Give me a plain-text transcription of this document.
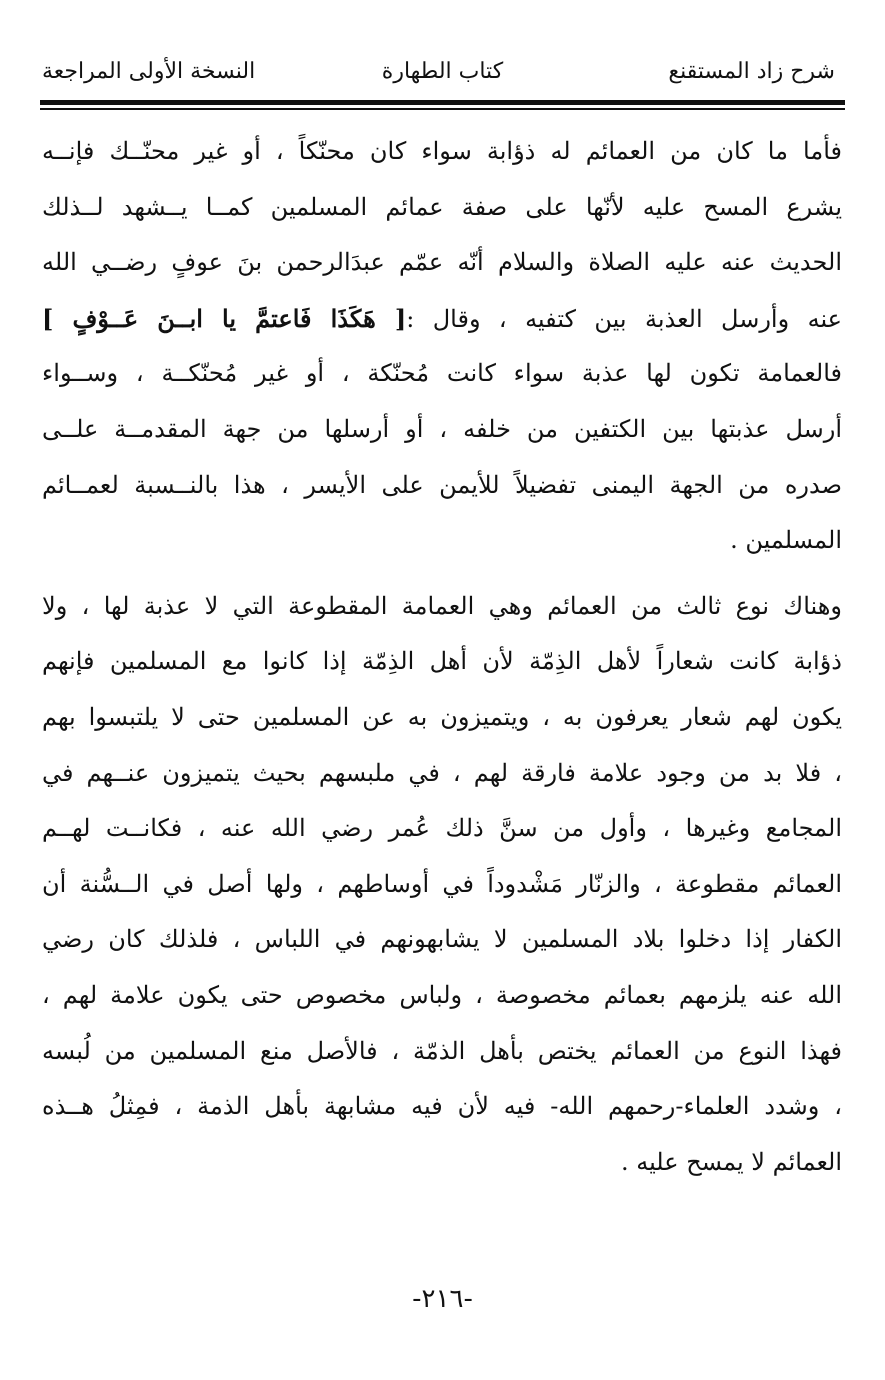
شرح زاد المستقنع
كتاب الطهارة
النسخة الأولى المراجعة
فأما ما كان من العمائم له ذؤابة سواء كان محنّكاً ، أو غير محنّــك فإنــه
يشرع المسح عليه لأنّها على صفة عمائم المسلمين كمــا يــشهد لــذلك
الحديث عنه عليه الصلاة والسلام أنّه عمّم عبدَالرحمن بنَ عوفٍ رضــي الله
عنه وأرسل العذبة بين كتفيه ، وقال :[ هَكَذَا فَاعتمَّ يا ابــنَ عَــوْفٍ ]
فالعمامة تكون لها عذبة سواء كانت مُحنّكة ، أو غير مُحنّكــة ، وســواء
أرسل عذبتها بين الكتفين من خلفه ، أو أرسلها من جهة المقدمــة علــى
صدره من الجهة اليمنى تفضيلاً للأيمن على الأيسر ، هذا بالنــسبة لعمــائم
المسلمين .
وهناك نوع ثالث من العمائم وهي العمامة المقطوعة التي لا عذبة لها ، ولا
ذؤابة كانت شعاراً لأهل الذِمّة لأن أهل الذِمّة إذا كانوا مع المسلمين فإنهم
يكون لهم شعار يعرفون به ، ويتميزون به عن المسلمين حتى لا يلتبسوا بهم
، فلا بد من وجود علامة فارقة لهم ، في ملبسهم بحيث يتميزون عنــهم في
المجامع وغيرها ، وأول من سنَّ ذلك عُمر رضي الله عنه ، فكانــت لهــم
العمائم مقطوعة ، والزنّار مَشْدوداً في أوساطهم ، ولها أصل في الــسُّنة أن
الكفار إذا دخلوا بلاد المسلمين لا يشابهونهم في اللباس ، فلذلك كان رضي
الله عنه يلزمهم بعمائم مخصوصة ، ولباس مخصوص حتى يكون علامة لهم ،
فهذا النوع من العمائم يختص بأهل الذمّة ، فالأصل منع المسلمين من لُبسه
، وشدد العلماء-رحمهم الله- فيه لأن فيه مشابهة بأهل الذمة ، فمِثلُ هــذه
العمائم لا يمسح عليه .
-٢١٦-
